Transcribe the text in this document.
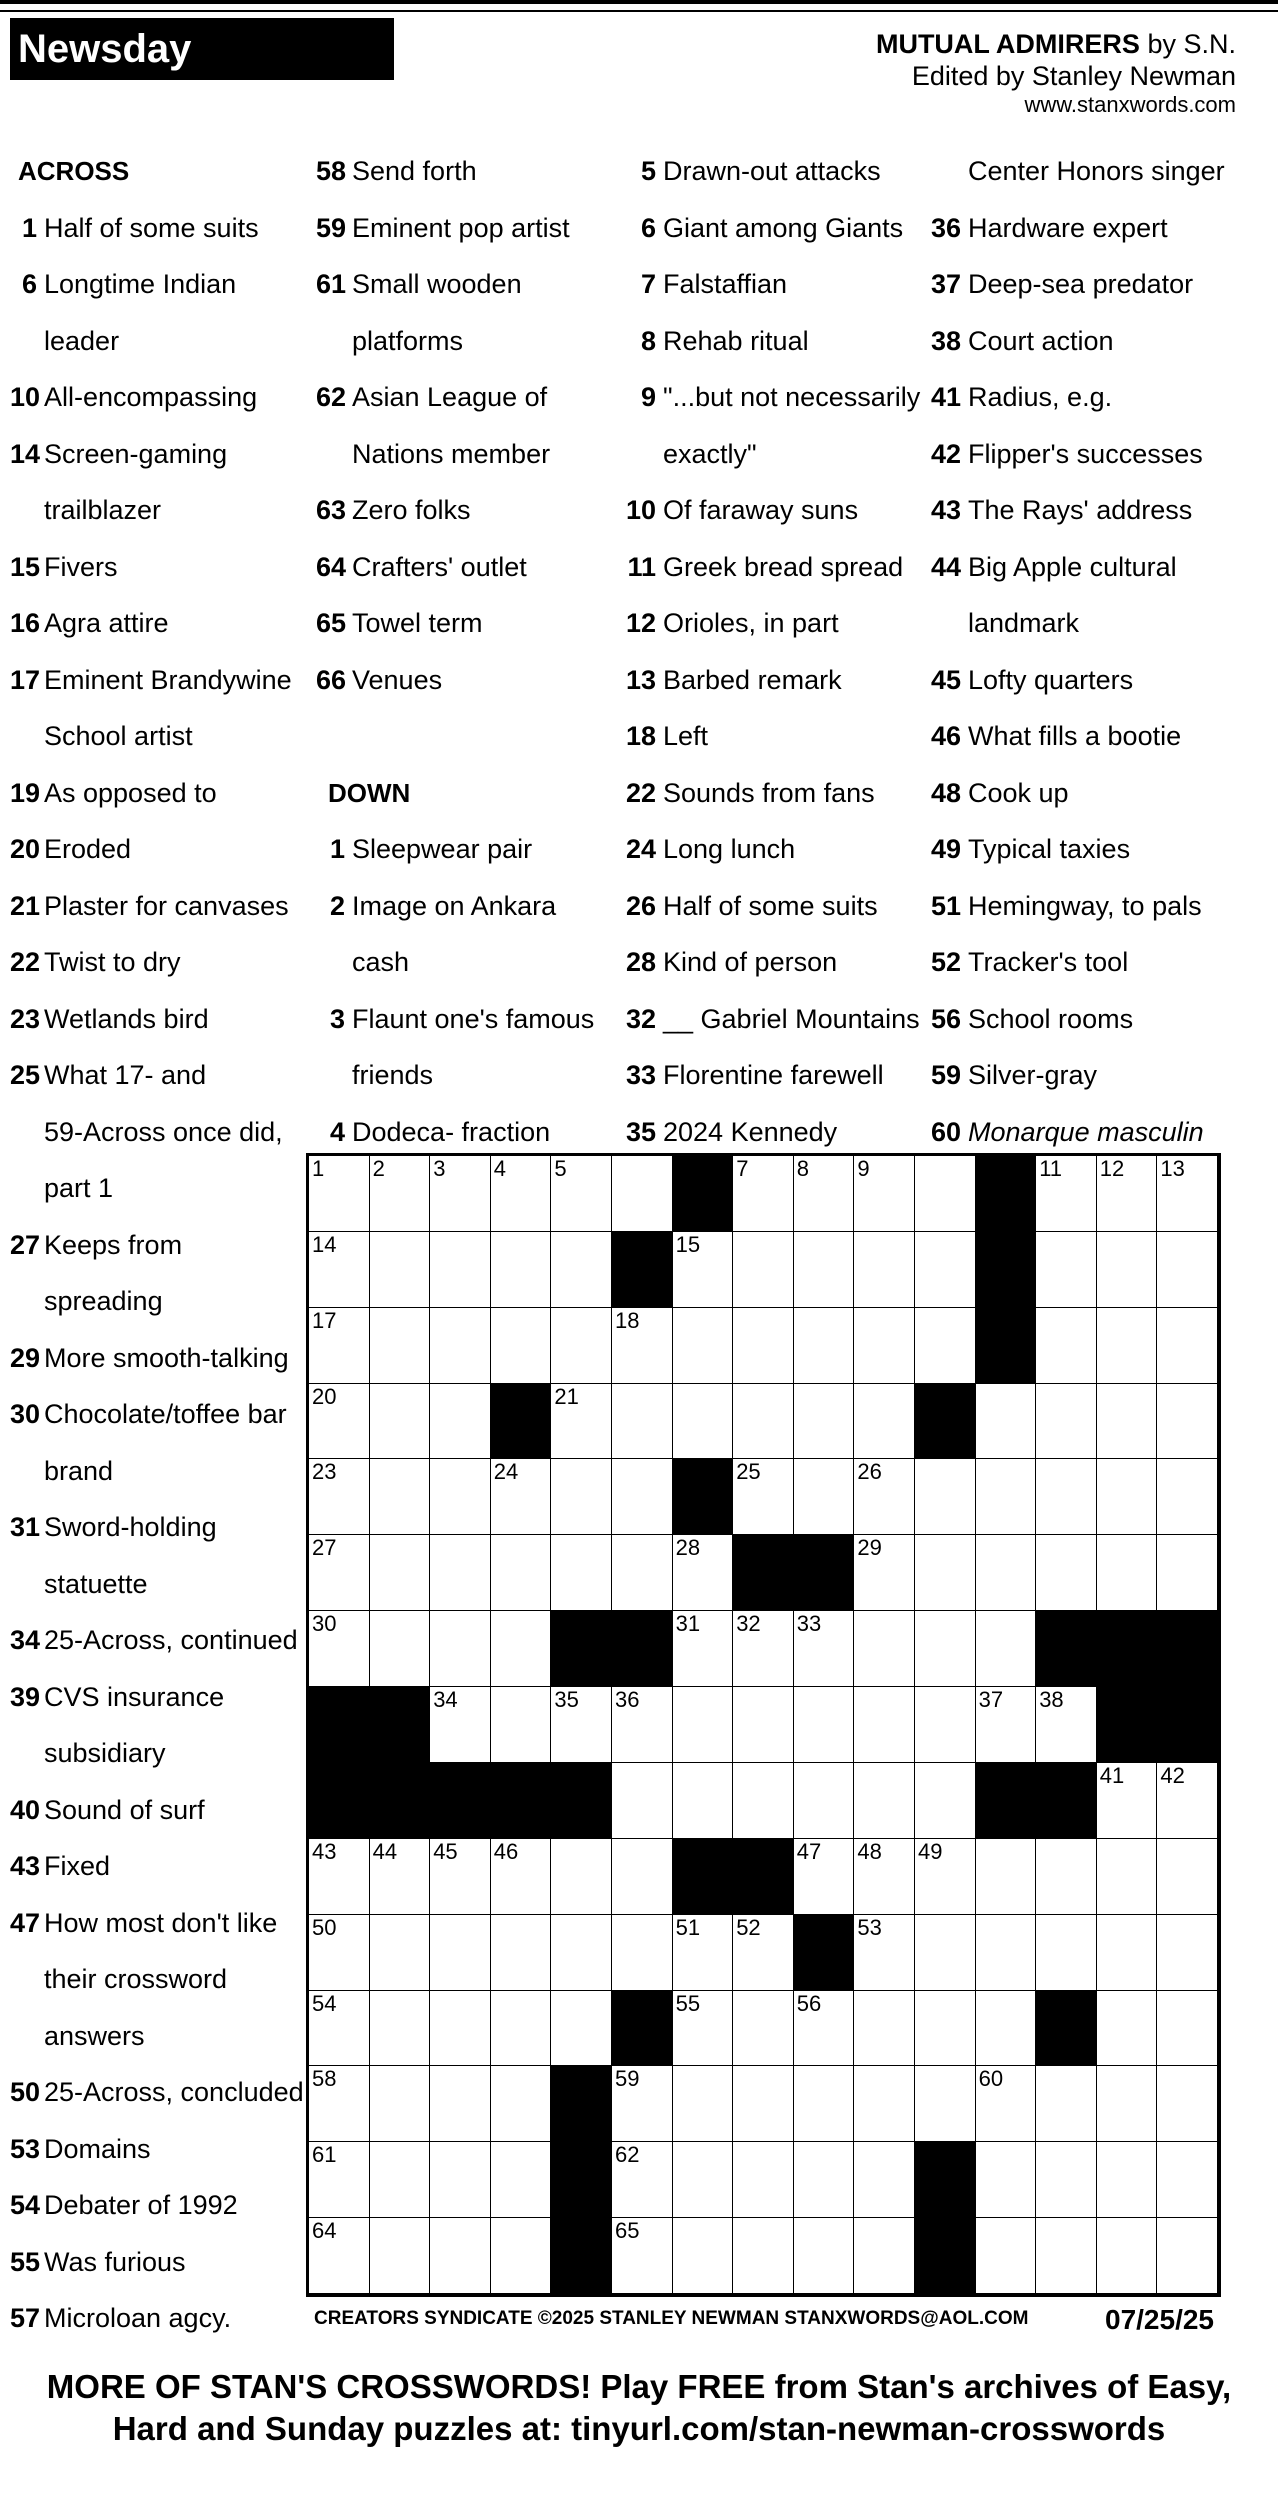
Newsday Crossword
MUTUAL ADMIRERS by S.N.
Edited by Stanley Newman
www.stanxwords.com
ACROSS
1 Half of some suits
6 Longtime Indian
leader
10 All-encompassing
14 Screen-gaming
trailblazer
15 Fivers
16 Agra attire
17 Eminent Brandywine
School artist
19 As opposed to
20 Eroded
21 Plaster for canvases
22 Twist to dry
23 Wetlands bird
25 What 17- and
59-Across once did,
part 1
27 Keeps from
spreading
29 More smooth-talking
30 Chocolate/toffee bar
brand
31 Sword-holding
statuette
34 25-Across, continued
39 CVS insurance
subsidiary
40 Sound of surf
43 Fixed
47 How most don't like
their crossword
answers
50 25-Across, concluded
53 Domains
54 Debater of 1992
55 Was furious
57 Microloan agcy.
58 Send forth
59 Eminent pop artist
61 Small wooden
platforms
62 Asian League of
Nations member
63 Zero folks
64 Crafters' outlet
65 Towel term
66 Venues
DOWN
1 Sleepwear pair
2 Image on Ankara
cash
3 Flaunt one's famous
friends
4 Dodeca- fraction
5 Drawn-out attacks
6 Giant among Giants
7 Falstaffian
8 Rehab ritual
9 "...but not necessarily
exactly"
10 Of faraway suns
11 Greek bread spread
12 Orioles, in part
13 Barbed remark
18 Left
22 Sounds from fans
24 Long lunch
26 Half of some suits
28 Kind of person
32 __ Gabriel Mountains
33 Florentine farewell
35 2024 Kennedy
Center Honors singer
36 Hardware expert
37 Deep-sea predator
38 Court action
41 Radius, e.g.
42 Flipper's successes
43 The Rays' address
44 Big Apple cultural
landmark
45 Lofty quarters
46 What fills a bootie
48 Cook up
49 Typical taxies
51 Hemingway, to pals
52 Tracker's tool
56 School rooms
59 Silver-gray
60 Monarque masculin
1 2 3 4 5	7 8 9	11 12 13
14	15
17	18
20	21
23	24	25	26
27	28	29
30	31 32 33
34	35 36	37 38
41 42
43 44 45 46	47 48 49
50	51 52	53
54	55	56
58	59	60
61	62
64	65
CREATORS SYNDICATE ©2025 STANLEY NEWMAN STANXWORDS@AOL.COM	07/25/25
MORE OF STAN'S CROSSWORDS! Play FREE from Stan's archives of Easy,
Hard and Sunday puzzles at: tinyurl.com/stan-newman-crosswords
